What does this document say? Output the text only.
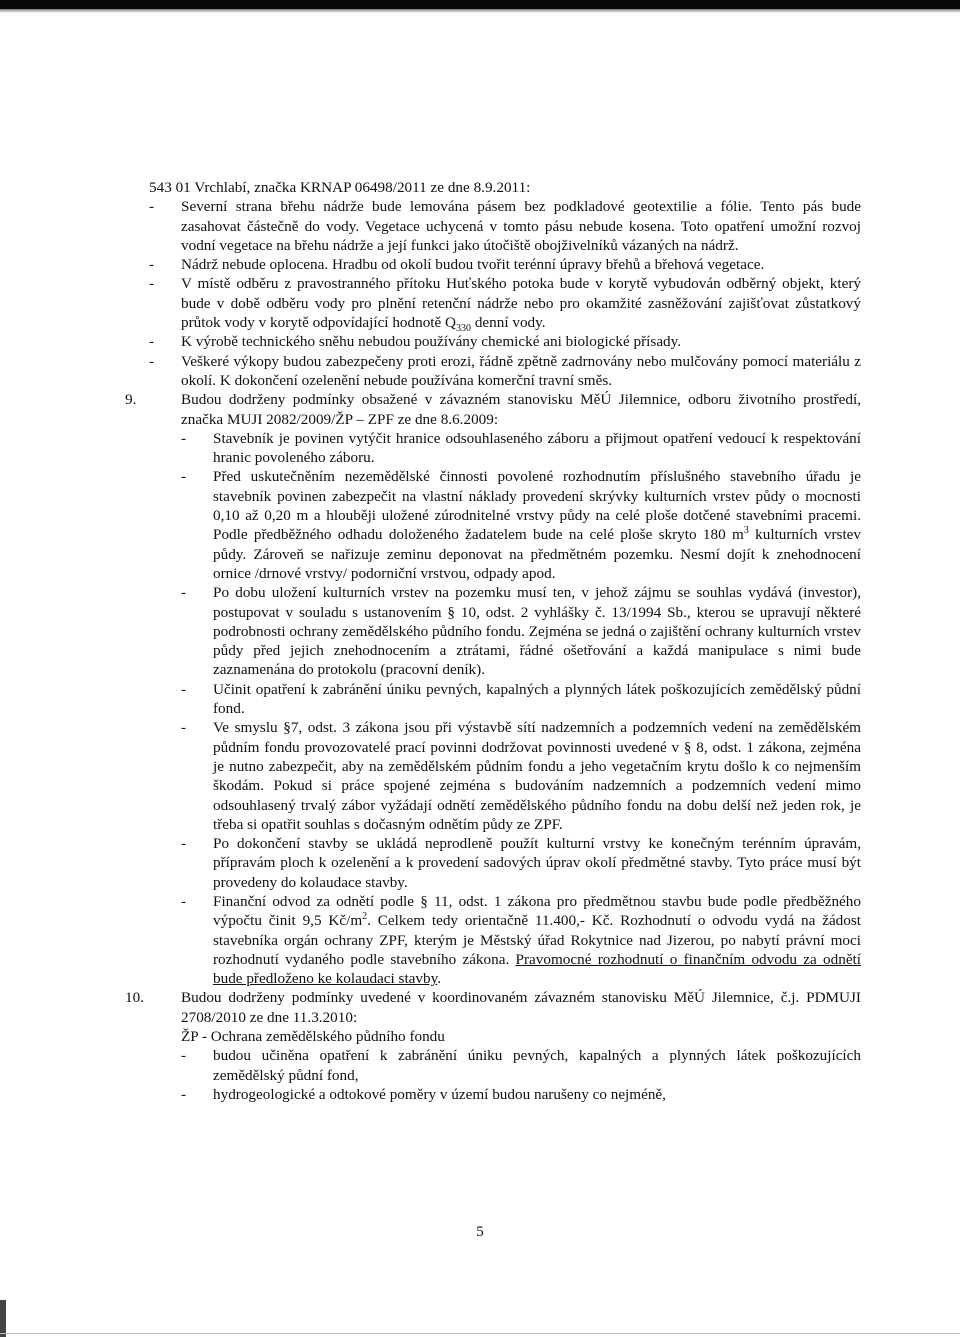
543 01 Vrchlabí, značka KRNAP 06498/2011 ze dne 8.9.2011:

- Severní strana břehu nádrže bude lemována pásem bez podkladové geotextilie a fólie. Tento pás bude zasahovat částečně do vody. Vegetace uchycená v tomto pásu nebude kosena. Toto opatření umožní rozvoj vodní vegetace na břehu nádrže a její funkci jako útočiště obojživelníků vázaných na nádrž.
- Nádrž nebude oplocena. Hradbu od okolí budou tvořit terénní úpravy břehů a břehová vegetace.
- V místě odběru z pravostranného přítoku Huťského potoka bude v korytě vybudován odběrný objekt, který bude v době odběru vody pro plnění retenční nádrže nebo pro okamžité zasněžování zajišťovat zůstatkový průtok vody v korytě odpovídající hodnotě $Q_{330}$ denní vody.
- K výrobě technického sněhu nebudou používány chemické ani biologické přísady.
- Veškeré výkopy budou zabezpečeny proti erozi, řádně zpětně zadrnovány nebo mulčovány pomocí materiálu z okolí. K dokončení ozelenění nebude používána komerční travní směs.
9.	Budou dodrženy podmínky obsažené v závazném stanovisku MěÚ Jilemnice, odboru životního prostředí, značka MUJI 2082/2009/ŽP – ZPF ze dne 8.6.2009:
- Stavebník je povinen vytýčit hranice odsouhlaseného záboru a přijmout opatření vedoucí k respektování hranic povoleného záboru.
- Před uskutečněním nezemědělské činnosti povolené rozhodnutím příslušného stavebního úřadu je stavebník povinen zabezpečit na vlastní náklady provedení skrývky kulturních vrstev půdy o mocnosti 0,10 až 0,20 m a hlouběji uložené zúrodnitelné vrstvy půdy na celé ploše dotčené stavebními pracemi. Podle předběžného odhadu doloženého žadatelem bude na celé ploše skryto 180 $m^3$ kulturních vrstev půdy. Zároveň se nařizuje zeminu deponovat na předmětném pozemku. Nesmí dojít k znehodnocení ornice /drnové vrstvy/ podorniční vrstvou, odpady apod.
- Po dobu uložení kulturních vrstev na pozemku musí ten, v jehož zájmu se souhlas vydává (investor), postupovat v souladu s ustanovením § 10, odst. 2 vyhlášky č. 13/1994 Sb., kterou se upravují některé podrobnosti ochrany zemědělského půdního fondu. Zejména se jedná o zajištění ochrany kulturních vrstev půdy před jejich znehodnocením a ztrátami, řádné ošetřování a každá manipulace s nimi bude zaznamenána do protokolu (pracovní deník).
- Učinit opatření k zabránění úniku pevných, kapalných a plynných látek poškozujících zemědělský půdní fond.
- Ve smyslu §7, odst. 3 zákona jsou při výstavbě sítí nadzemních a podzemních vedení na zemědělském půdním fondu provozovatelé prací povinni dodržovat povinnosti uvedené v § 8, odst. 1 zákona, zejména je nutno zabezpečit, aby na zemědělském půdním fondu a jeho vegetačním krytu došlo k co nejmenším škodám. Pokud si práce spojené zejména s budováním nadzemních a podzemních vedení mimo odsouhlasený trvalý zábor vyžádají odnětí zemědělského půdního fondu na dobu delší než jeden rok, je třeba si opatřit souhlas s dočasným odnětím půdy ze ZPF.
- Po dokončení stavby se ukládá neprodleně použít kulturní vrstvy ke konečným terénním úpravám, přípravám ploch k ozelenění a k provedení sadových úprav okolí předmětné stavby. Tyto práce musí být provedeny do kolaudace stavby.
- Finanční odvod za odnětí podle § 11, odst. 1 zákona pro předmětnou stavbu bude podle předběžného výpočtu činit 9,5 $Kč/m^2$. Celkem tedy orientačně 11.400,- Kč. Rozhodnutí o odvodu vydá na žádost stavebníka orgán ochrany ZPF, kterým je Městský úřad Rokytnice nad Jizerou, po nabytí právní moci rozhodnutí vydaného podle stavebního zákona. Pravomocné rozhodnutí o finančním odvodu za odnětí bude předloženo ke kolaudaci stavby.
10. Budou dodrženy podmínky uvedené v koordinovaném závazném stanovisku MěÚ Jilemnice, č.j. PDMUJI 2708/2010 ze dne 11.3.2010:

ŽP - Ochrana zemědělského půdního fondu

- budou učiněna opatření k zabránění úniku pevných, kapalných a plynných látek poškozujících zemědělský půdní fond,
- hydrogeologické a odtokové poměry v území budou narušeny co nejméně,
5
